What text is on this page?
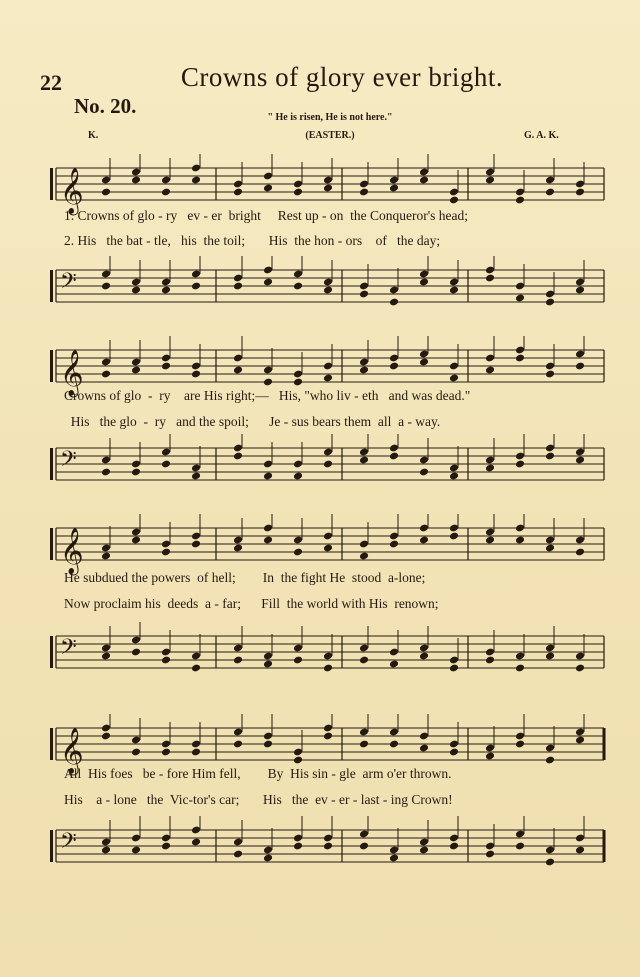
22	Crowns of glory ever bright.
No. 20.	" He is risen, He is not here."
(EASTER.)
K.	G. A. K.
𝄞
1. Crowns of glo - ry   ev - er  bright     Rest up - on  the Conqueror's head;
2. His   the bat - tle,   his  the toil;       His  the hon - ors    of   the day;
𝄢
𝄞
Crowns of glo  -  ry    are His right;—   His, "who liv - eth   and was dead."
His   the glo  -  ry   and the spoil;      Je - sus bears them  all  a - way.
𝄢
𝄞
He subdued the powers  of hell;        In  the fight He  stood  a-lone;
Now proclaim his  deeds  a - far;      Fill  the world with His  renown;
𝄢
𝄞
All  His foes   be - fore Him fell,        By  His sin - gle  arm o'er thrown.
His    a - lone   the  Vic-tor's car;       His   the  ev - er - last - ing Crown!
𝄢
